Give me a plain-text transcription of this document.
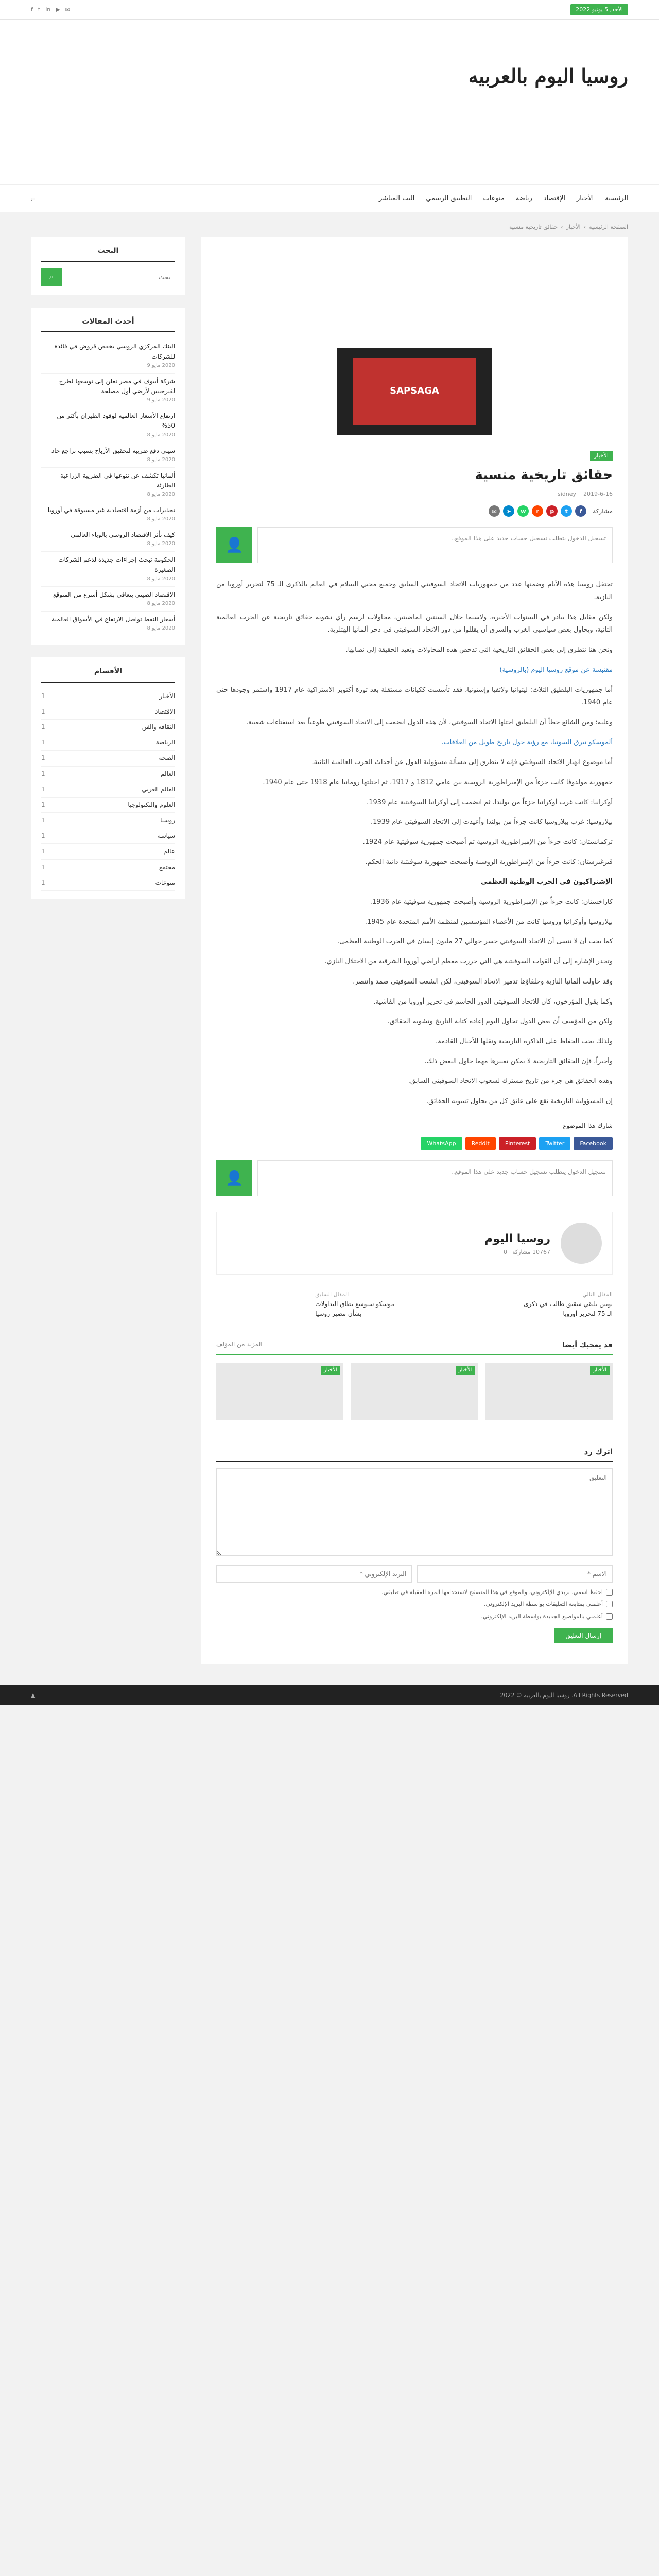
الأحد, 5 يونيو 2022
f t in ▶ ✉
روسيا اليوم بالعربيه
الرئيسية
الأخبار
الإقتصاد
رياضة
منوعات
التطبيق الرسمي
البث المباشر
⌕
الصفحة الرئيسية
›
الأخبار
›
حقائق تاريخية منسية
SAPSAGA
الأخبار
حقائق تاريخية منسية
2019-6-16
sidney
مشاركة
f
t
p
r
w
➤
✉
تسجيل الدخول يتطلب تسجيل حساب جديد على هذا الموقع..
👤

تحتفل روسيا هذه الأيام وضمنها عدد من جمهوريات الاتحاد السوفيتي السابق وجميع محبي السلام في العالم بالذكرى الـ 75 لتحرير أوروبا من النازية.

ولكن مقابل هذا يبادر في السنوات الأخيرة، ولاسيما خلال السنتين الماضيتين، محاولات لرسم رأي تشويه حقائق تاريخية عن الحرب العالمية الثانية، ويحاول بعض سياسيي الغرب والشرق أن يقللوا من دور الاتحاد السوفيتي في دحر ألمانيا الهتلرية.

ونحن هنا نتطرق إلى بعض الحقائق التاريخية التي تدحض هذه المحاولات وتعيد الحقيقة إلى نصابها.

مقتبسة عن موقع روسيا اليوم (بالروسية)

أما جمهوريات البلطيق الثلاث: ليتوانيا ولاتفيا وإستونيا، فقد تأسست ككيانات مستقلة بعد ثورة أكتوبر الاشتراكية عام 1917 واستمر وجودها حتى عام 1940.

وعليه؛ ومن الشائع خطأ أن البلطيق احتلها الاتحاد السوفيتي، لأن هذه الدول انضمت إلى الاتحاد السوفيتي طوعياً بعد استفتاءات شعبية.

ألموسكو تبرق السوتيا، مع رؤية حول تاريخ طويل من العلاقات.

أما موضوع انهيار الاتحاد السوفيتي فإنه لا يتطرق إلى مسألة مسؤولية الدول عن أحداث الحرب العالمية الثانية.

جمهورية مولدوفا كانت جزءاً من الإمبراطورية الروسية بين عامي 1812 و 1917، ثم احتلتها رومانيا عام 1918 حتى عام 1940.

أوكرانيا: كانت غرب أوكرانيا جزءاً من بولندا، ثم انضمت إلى أوكرانيا السوفيتية عام 1939.

بيلاروسيا: غرب بيلاروسيا كانت جزءاً من بولندا وأعيدت إلى الاتحاد السوفيتي عام 1939.

تركمانستان: كانت جزءاً من الإمبراطورية الروسية ثم أصبحت جمهورية سوفيتية عام 1924.

قيرغيزستان: كانت جزءاً من الإمبراطورية الروسية وأصبحت جمهورية سوفيتية ذاتية الحكم.

الإشتراكيون في الحرب الوطنية العظمى

كازاخستان: كانت جزءاً من الإمبراطورية الروسية وأصبحت جمهورية سوفيتية عام 1936.

بيلاروسيا وأوكرانيا وروسيا كانت من الأعضاء المؤسسين لمنظمة الأمم المتحدة عام 1945.

كما يجب أن لا ننسى أن الاتحاد السوفيتي خسر حوالي 27 مليون إنسان في الحرب الوطنية العظمى.

وتجدر الإشارة إلى أن القوات السوفيتية هي التي حررت معظم أراضي أوروبا الشرقية من الاحتلال النازي.

وقد حاولت ألمانيا النازية وحلفاؤها تدمير الاتحاد السوفيتي، لكن الشعب السوفيتي صمد وانتصر.

وكما يقول المؤرخون، كان للاتحاد السوفيتي الدور الحاسم في تحرير أوروبا من الفاشية.

ولكن من المؤسف أن بعض الدول تحاول اليوم إعادة كتابة التاريخ وتشويه الحقائق.

ولذلك يجب الحفاظ على الذاكرة التاريخية ونقلها للأجيال القادمة.

وأخيراً، فإن الحقائق التاريخية لا يمكن تغييرها مهما حاول البعض ذلك.

وهذه الحقائق هي جزء من تاريخ مشترك لشعوب الاتحاد السوفيتي السابق.

إن المسؤولية التاريخية تقع على عاتق كل من يحاول تشويه الحقائق.

شارك هذا الموضوع
Facebook
Twitter
Pinterest
Reddit
WhatsApp
تسجيل الدخول يتطلب تسجيل حساب جديد على هذا الموقع..
👤
روسيا اليوم
10767 مشاركة
0
المقال التالي
بوتين يلتقي شقيق طالب في ذكرى الـ 75 لتحرير أوروبا
المقال السابق
موسكو ستوسع نطاق التداولات بشأن مصير روسيا
قد يعجبك أيضا
المزيد من المؤلف
الأخبار
الأخبار
الأخبار
اترك رد
التعليق
الاسم *
البريد الإلكتروني *
احفظ اسمي، بريدي الإلكتروني، والموقع في هذا المتصفح لاستخدامها المرة المقبلة في تعليقي.
أعلمني بمتابعة التعليقات بواسطة البريد الإلكتروني.
أعلمني بالمواضيع الجديدة بواسطة البريد الإلكتروني.
إرسال التعليق
البحث
بحث
⌕
أحدث المقالات
البنك المركزي الروسي يخفض قروض في فائدة للشركات
2020 مايو 9
شركة أبيوف في مصر تعلن إلى توسعها لطرح لقيرجيس لأرضي أول مصلحة
2020 مايو 9
ارتفاع الأسعار العالمية لوقود الطيران بأكثر من 50%
2020 مايو 8
سيتي دفع ضريبة لتحقيق الأرباح بسبب تراجع حاد
2020 مايو 8
ألمانيا تكشف عن تنوعها في الضريبة الزراعية الطارئة
2020 مايو 8
تحذيرات من أزمة اقتصادية غير مسبوقة في أوروبا
2020 مايو 8
كيف تأثر الاقتصاد الروسي بالوباء العالمي
2020 مايو 8
الحكومة تبحث إجراءات جديدة لدعم الشركات الصغيرة
2020 مايو 8
الاقتصاد الصيني يتعافى بشكل أسرع من المتوقع
2020 مايو 8
أسعار النفط تواصل الارتفاع في الأسواق العالمية
2020 مايو 8
الأقسام
الأخبار
1
الاقتصاد
1
الثقافة والفن
1
الرياضة
1
الصحة
1
العالم
1
العالم العربي
1
العلوم والتكنولوجيا
1
روسيا
1
سياسة
1
عالم
1
مجتمع
1
منوعات
1
All Rights Reserved. روسيا اليوم بالعربيه © 2022
▲
